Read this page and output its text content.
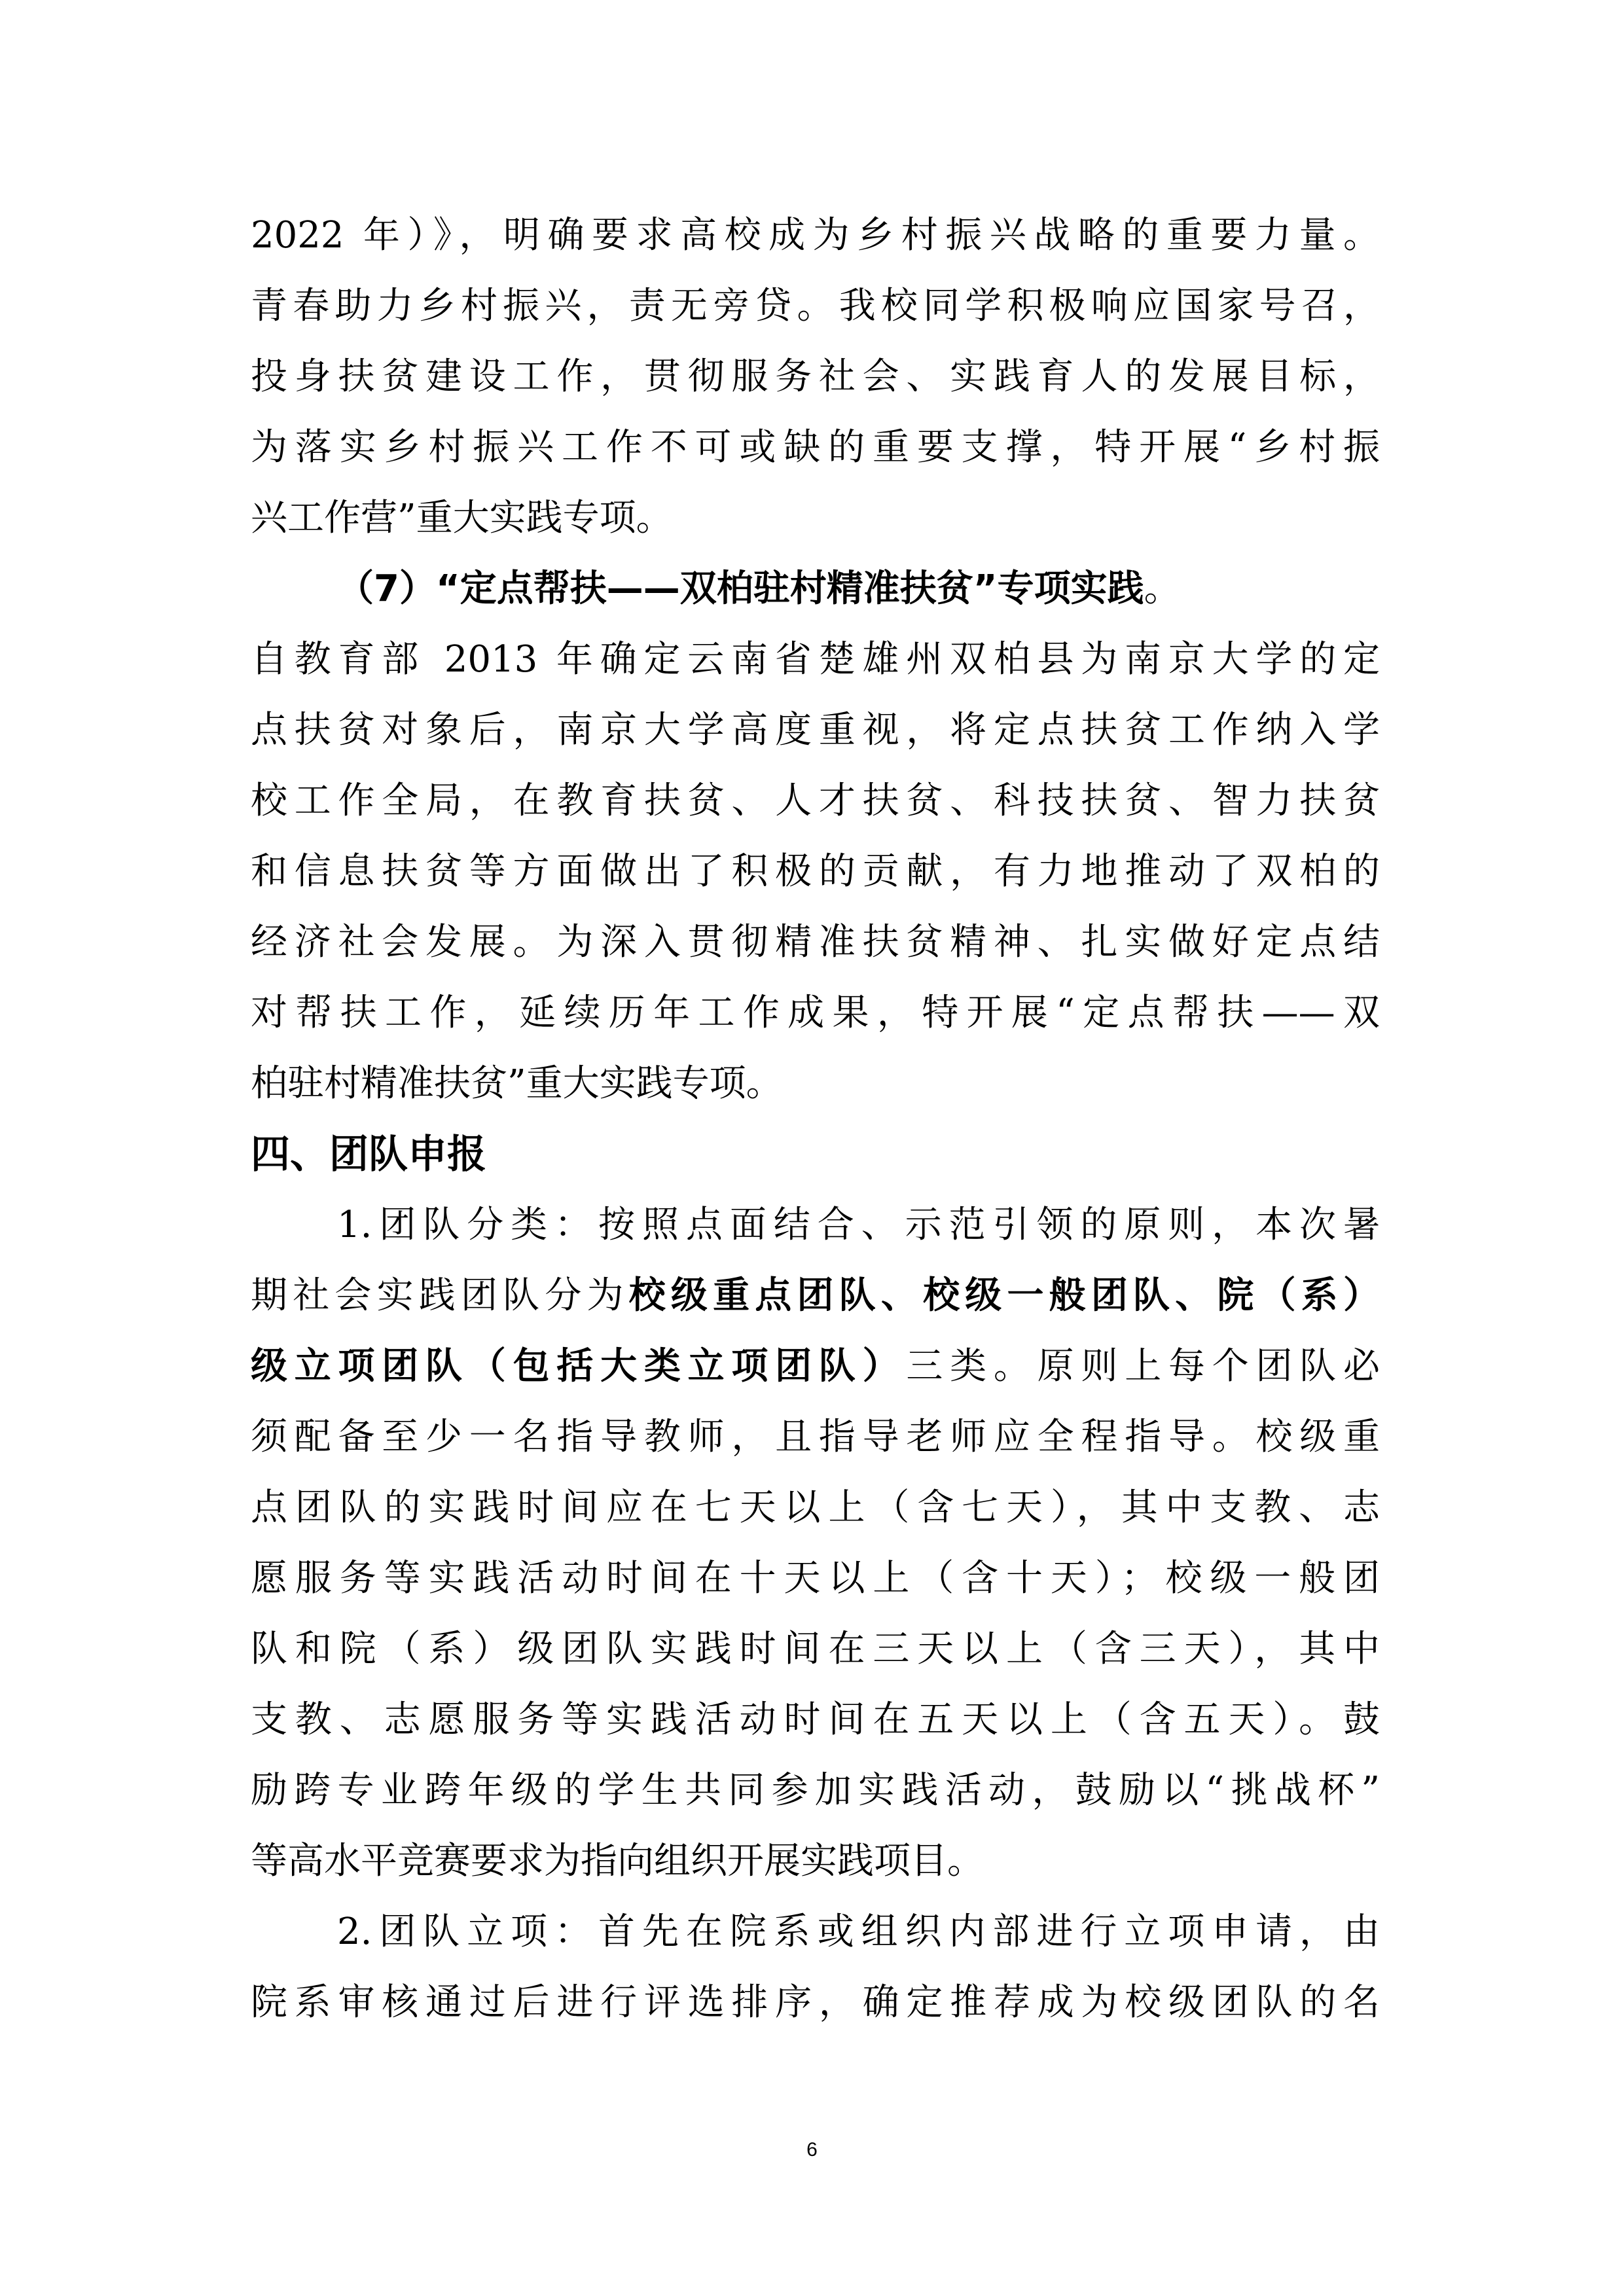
2022 年）》，明确要求高校成为乡村振兴战略的重要力量。
青春助力乡村振兴，责无旁贷。我校同学积极响应国家号召，
投身扶贫建设工作，贯彻服务社会、实践育人的发展目标，
为落实乡村振兴工作不可或缺的重要支撑，特开展“乡村振
兴工作营”重大实践专项。
（7）“定点帮扶——双柏驻村精准扶贫”专项实践。
自教育部 2013 年确定云南省楚雄州双柏县为南京大学的定
点扶贫对象后，南京大学高度重视，将定点扶贫工作纳入学
校工作全局，在教育扶贫、人才扶贫、科技扶贫、智力扶贫
和信息扶贫等方面做出了积极的贡献，有力地推动了双柏的
经济社会发展。为深入贯彻精准扶贫精神、扎实做好定点结
对帮扶工作，延续历年工作成果，特开展“定点帮扶——双
柏驻村精准扶贫”重大实践专项。
四、团队申报
1.团队分类：按照点面结合、示范引领的原则，本次暑
期社会实践团队分为校级重点团队、校级一般团队、院（系）
级立项团队（包括大类立项团队）三类。原则上每个团队必
须配备至少一名指导教师，且指导老师应全程指导。校级重
点团队的实践时间应在七天以上（含七天），其中支教、志
愿服务等实践活动时间在十天以上（含十天）；校级一般团
队和院（系）级团队实践时间在三天以上（含三天），其中
支教、志愿服务等实践活动时间在五天以上（含五天）。鼓
励跨专业跨年级的学生共同参加实践活动，鼓励以“挑战杯”
等高水平竞赛要求为指向组织开展实践项目。
2.团队立项：首先在院系或组织内部进行立项申请，由
院系审核通过后进行评选排序，确定推荐成为校级团队的名
6
